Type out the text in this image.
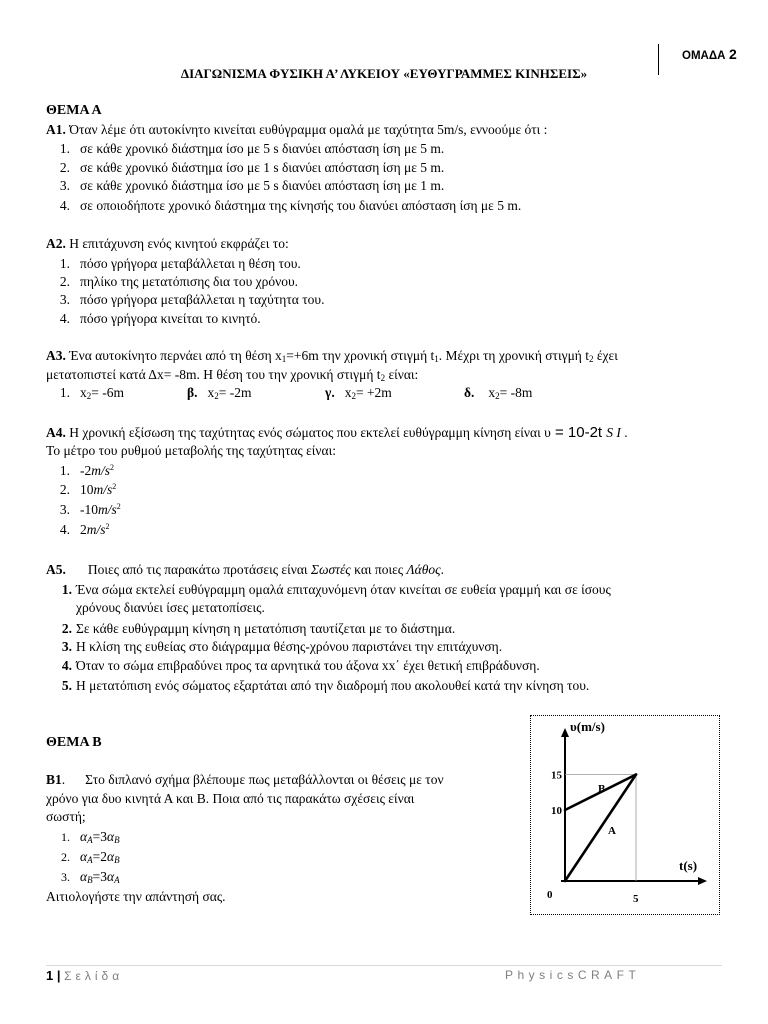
ΟΜΑΔΑ 2
ΔΙΑΓΩΝΙΣΜΑ ΦΥΣΙΚΗ Α’ ΛΥΚΕΙΟΥ «ΕΥΘΥΓΡΑΜΜΕΣ ΚΙΝΗΣΕΙΣ»
ΘΕΜΑ Α
Α1. Όταν λέμε ότι αυτοκίνητο κινείται ευθύγραμμα ομαλά με ταχύτητα 5m/s, εννοούμε ότι :
1. σε κάθε χρονικό διάστημα ίσο με 5 s διανύει απόσταση ίση με 5 m.
2. σε κάθε χρονικό διάστημα ίσο με 1 s διανύει απόσταση ίση με 5 m.
3. σε κάθε χρονικό διάστημα ίσο με 5 s διανύει απόσταση ίση με 1 m.
4. σε οποιοδήποτε χρονικό διάστημα της κίνησής του διανύει απόσταση ίση με 5 m.
Α2. Η επιτάχυνση ενός κινητού εκφράζει το:
1. πόσο γρήγορα μεταβάλλεται η θέση του.
2. πηλίκο της μετατόπισης δια του χρόνου.
3. πόσο γρήγορα μεταβάλλεται η ταχύτητα του.
4. πόσο γρήγορα κινείται το κινητό.
Α3. Ένα αυτοκίνητο περνάει από τη θέση $x_1=+6m$ την χρονική στιγμή $t_1$. Μέχρι τη χρονική στιγμή $t_2$ έχει
μετατοπιστεί κατά Δx= -8m. Η θέση του την χρονική στιγμή $t_2$ είναι:
1. $x_2= -6m$	β. $x_2= -2m$	γ. $x_2= +2m$	δ. $x_2= -8m$
Α4. Η χρονική εξίσωση της ταχύτητας ενός σώματος που εκτελεί ευθύγραμμη κίνηση είναι υ = 10-2t S I .
Το μέτρο του ρυθμού μεταβολής της ταχύτητας είναι:
1. $-2m/s^2$
2. $10m/s^2$
3. $-10m/s^2$
4. $2m/s^2$
Α5. Ποιες από τις παρακάτω προτάσεις είναι Σωστές και ποιες Λάθος.
1. Ένα σώμα εκτελεί ευθύγραμμη ομαλά επιταχυνόμενη όταν κινείται σε ευθεία γραμμή και σε ίσους
χρόνους διανύει ίσες μετατοπίσεις.
2. Σε κάθε ευθύγραμμη κίνηση η μετατόπιση ταυτίζεται με το διάστημα.
3. Η κλίση της ευθείας στο διάγραμμα θέσης-χρόνου παριστάνει την επιτάχυνση.
4. Όταν το σώμα επιβραδύνει προς τα αρνητικά του άξονα xx΄ έχει θετική επιβράδυνση.
5. Η μετατόπιση ενός σώματος εξαρτάται από την διαδρομή που ακολουθεί κατά την κίνηση του.
ΘΕΜΑ Β
Β1. Στο διπλανό σχήμα βλέπουμε πως μεταβάλλονται οι θέσεις με τον
χρόνο για δυο κινητά Α και Β. Ποια από τις παρακάτω σχέσεις είναι
σωστή;
1. $\alpha_A=3\alpha_B$
2. $\alpha_A=2\alpha_B$
3. $\alpha_B=3\alpha_A$
Αιτιολογήστε την απάντησή σας.
υ(m/s)
t(s)
0
15
10
5
B
A
1 | Σελίδα	PhysicsCRAFT
